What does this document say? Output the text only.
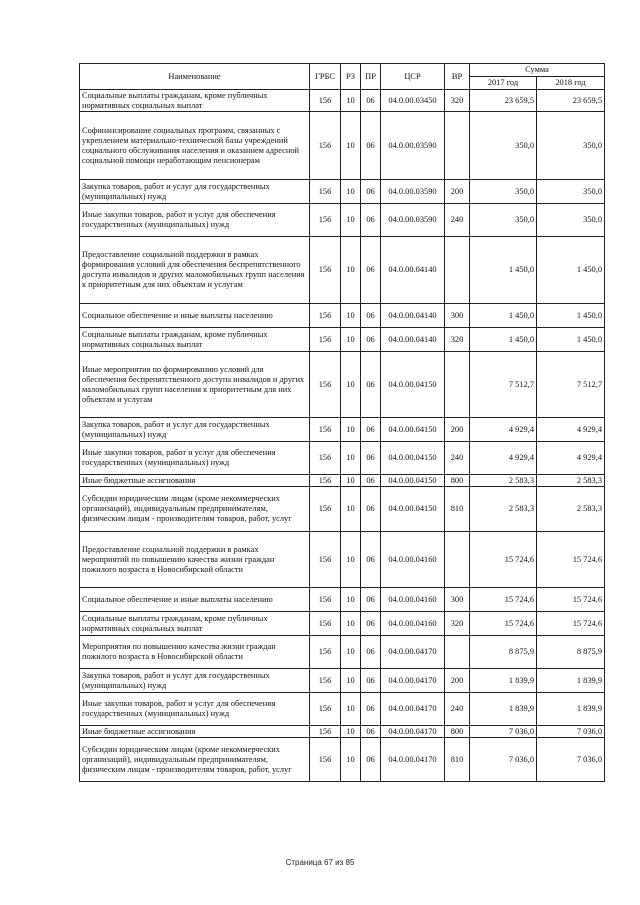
Наименование	ГРБС	РЗ	ПР	ЦСР	ВР	Сумма	
						2017 год	2018 год
Социальные выплаты гражданам, кроме публичных нормативных социальных выплат	156	10	06	04.0.00.03450	320	23 659,5	23 659,5
Софинансирование социальных программ, связанных с укреплением материально-технической базы учреждений социального обслуживания населения и оказанием адресной социальной помощи неработающим пенсионерам	156	10	06	04.0.00.03590		350,0	350,0
Закупка товаров, работ и услуг для государственных (муниципальных) нужд	156	10	06	04.0.00.03590	200	350,0	350,0
Иные закупки товаров, работ и услуг для обеспечения государственных (муниципальных) нужд	156	10	06	04.0.00.03590	240	350,0	350,0
Предоставление социальной поддержки в рамках формирования условий для обеспечения беспрепятственного доступа инвалидов и других маломобильных групп населения к приоритетным для них объектам и услугам	156	10	06	04.0.00.04140		1 450,0	1 450,0
Социальное обеспечение и иные выплаты населению	156	10	06	04.0.00.04140	300	1 450,0	1 450,0
Социальные выплаты гражданам, кроме публичных нормативных социальных выплат	156	10	06	04.0.00.04140	320	1 450,0	1 450,0
Иные мероприятия по формированию условий для обеспечения беспрепятственного доступа инвалидов и других маломобильных групп населения к приоритетным для них объектам и услугам	156	10	06	04.0.00.04150		7 512,7	7 512,7
Закупка товаров, работ и услуг для государственных (муниципальных) нужд	156	10	06	04.0.00.04150	200	4 929,4	4 929,4
Иные закупки товаров, работ и услуг для обеспечения государственных (муниципальных) нужд	156	10	06	04.0.00.04150	240	4 929,4	4 929,4
Иные бюджетные ассигнования	156	10	06	04.0.00.04150	800	2 583,3	2 583,3
Субсидии юридическим лицам (кроме некоммерческих организаций), индивидуальным предпринимателям, физическим лицам - производителям товаров, работ, услуг	156	10	06	04.0.00.04150	810	2 583,3	2 583,3
Предоставление социальной поддержки в рамках мероприятий по повышению качества жизни граждан пожилого возраста в Новосибирской области	156	10	06	04.0.00.04160		15 724,6	15 724,6
Социальное обеспечение и иные выплаты населению	156	10	06	04.0.00.04160	300	15 724,6	15 724,6
Социальные выплаты гражданам, кроме публичных нормативных социальных выплат	156	10	06	04.0.00.04160	320	15 724,6	15 724,6
Мероприятия по повышению качества жизни граждан пожилого возраста в Новосибирской области	156	10	06	04.0.00.04170		8 875,9	8 875,9
Закупка товаров, работ и услуг для государственных (муниципальных) нужд	156	10	06	04.0.00.04170	200	1 839,9	1 839,9
Иные закупки товаров, работ и услуг для обеспечения государственных (муниципальных) нужд	156	10	06	04.0.00.04170	240	1 839,9	1 839,9
Иные бюджетные ассигнования	156	10	06	04.0.00.04170	800	7 036,0	7 036,0
Субсидии юридическим лицам (кроме некоммерческих организаций), индивидуальным предпринимателям, физическим лицам - производителям товаров, работ, услуг	156	10	06	04.0.00.04170	810	7 036,0	7 036,0
Страница 67 из 85
